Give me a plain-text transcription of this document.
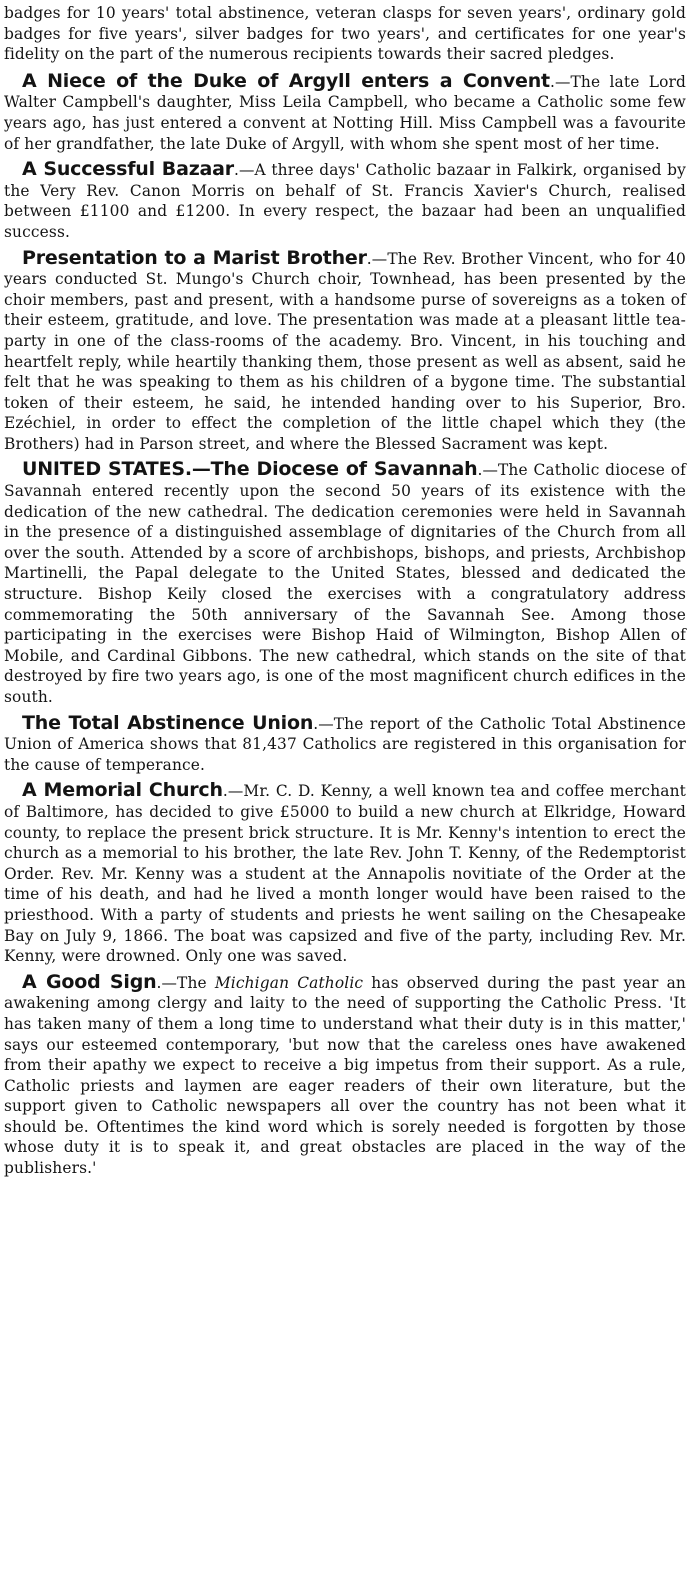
badges for 10 years' total abstinence, veteran clasps for seven years', ordinary gold badges for five years', silver badges for two years', and certificates for one year's fidelity on the part of the numerous recipients towards their sacred pledges.

A Niece of the Duke of Argyll enters a Convent.—The late Lord Walter Campbell's daughter, Miss Leila Campbell, who became a Catholic some few years ago, has just entered a convent at Notting Hill. Miss Campbell was a favourite of her grandfather, the late Duke of Argyll, with whom she spent most of her time.

A Successful Bazaar.—A three days' Catholic bazaar in Falkirk, organised by the Very Rev. Canon Morris on behalf of St. Francis Xavier's Church, realised between £1100 and £1200. In every respect, the bazaar had been an unqualified success.

Presentation to a Marist Brother.—The Rev. Brother Vincent, who for 40 years conducted St. Mungo's Church choir, Townhead, has been presented by the choir members, past and present, with a handsome purse of sovereigns as a token of their esteem, gratitude, and love. The presentation was made at a pleasant little tea-party in one of the class-rooms of the academy. Bro. Vincent, in his touching and heartfelt reply, while heartily thanking them, those present as well as absent, said he felt that he was speaking to them as his children of a bygone time. The substantial token of their esteem, he said, he intended handing over to his Superior, Bro. Ezéchiel, in order to effect the completion of the little chapel which they (the Brothers) had in Parson street, and where the Blessed Sacrament was kept.

UNITED STATES.—The Diocese of Savannah.—The Catholic diocese of Savannah entered recently upon the second 50 years of its existence with the dedication of the new cathedral. The dedication ceremonies were held in Savannah in the presence of a distinguished assemblage of dignitaries of the Church from all over the south. Attended by a score of archbishops, bishops, and priests, Archbishop Martinelli, the Papal delegate to the United States, blessed and dedicated the structure. Bishop Keily closed the exercises with a congratulatory address commemorating the 50th anniversary of the Savannah See. Among those participating in the exercises were Bishop Haid of Wilmington, Bishop Allen of Mobile, and Cardinal Gibbons. The new cathedral, which stands on the site of that destroyed by fire two years ago, is one of the most magnificent church edifices in the south.

The Total Abstinence Union.—The report of the Catholic Total Abstinence Union of America shows that 81,437 Catholics are registered in this organisation for the cause of temperance.

A Memorial Church.—Mr. C. D. Kenny, a well known tea and coffee merchant of Baltimore, has decided to give £5000 to build a new church at Elkridge, Howard county, to replace the present brick structure. It is Mr. Kenny's intention to erect the church as a memorial to his brother, the late Rev. John T. Kenny, of the Redemptorist Order. Rev. Mr. Kenny was a student at the Annapolis novitiate of the Order at the time of his death, and had he lived a month longer would have been raised to the priesthood. With a party of students and priests he went sailing on the Chesapeake Bay on July 9, 1866. The boat was capsized and five of the party, including Rev. Mr. Kenny, were drowned. Only one was saved.

A Good Sign.—The Michigan Catholic has observed during the past year an awakening among clergy and laity to the need of supporting the Catholic Press. 'It has taken many of them a long time to understand what their duty is in this matter,' says our esteemed contemporary, 'but now that the careless ones have awakened from their apathy we expect to receive a big impetus from their support. As a rule, Catholic priests and laymen are eager readers of their own literature, but the support given to Catholic newspapers all over the country has not been what it should be. Oftentimes the kind word which is sorely needed is forgotten by those whose duty it is to speak it, and great obstacles are placed in the way of the publishers.'
